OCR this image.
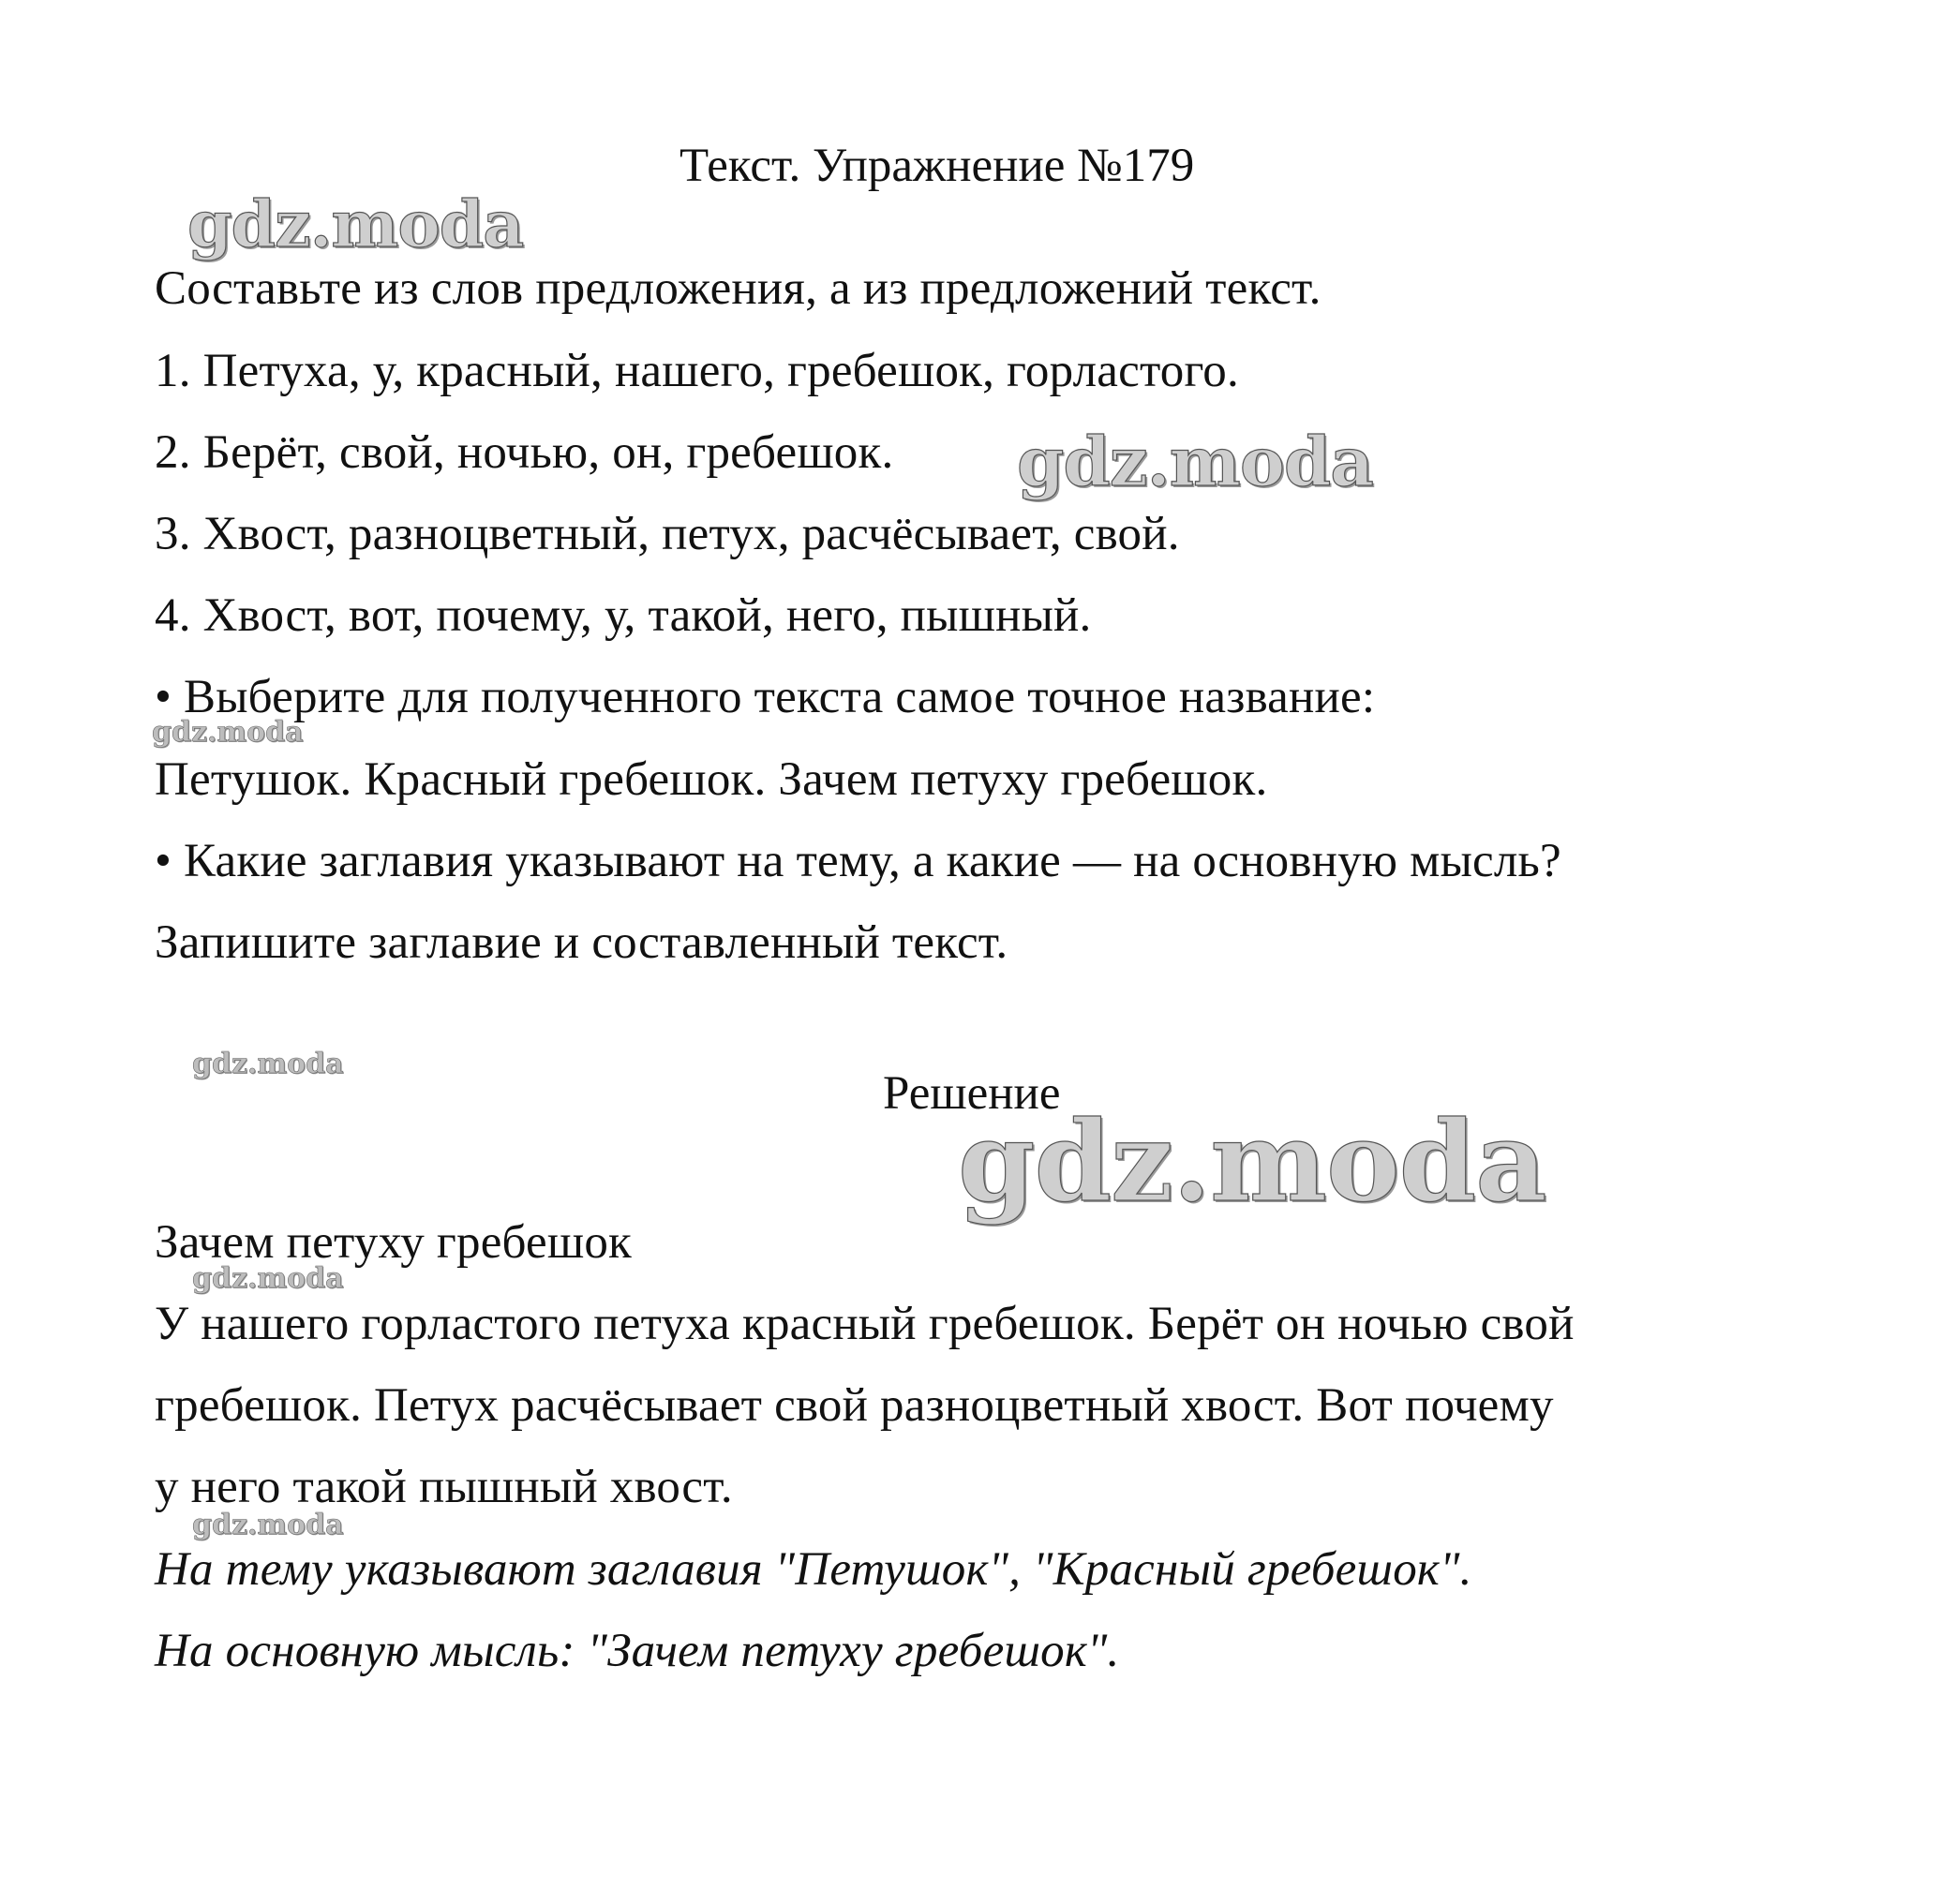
Текст. Упражнение №179
Составьте из слов предложения, а из предложений текст.
1. Петуха, у, красный, нашего, гребешок, горластого.
2. Берёт, свой, ночью, он, гребешок.
3. Хвост, разноцветный, петух, расчёсывает, свой.
4. Хвост, вот, почему, у, такой, него, пышный.
• Выберите для полученного текста самое точное название:
Петушок. Красный гребешок. Зачем петуху гребешок.
• Какие заглавия указывают на тему, а какие — на основную мысль?
Запишите заглавие и составленный текст.
Решение
Зачем петуху гребешок
У нашего горластого петуха красный гребешок. Берёт он ночью свой
гребешок. Петух расчёсывает свой разноцветный хвост. Вот почему
у него такой пышный хвост.
На тему указывают заглавия "Петушок", "Красный гребешок".
На основную мысль: "Зачем петуху гребешок".
gdz.moda
gdz.moda
gdz.moda
gdz.moda
gdz.moda
gdz.moda
gdz.moda
